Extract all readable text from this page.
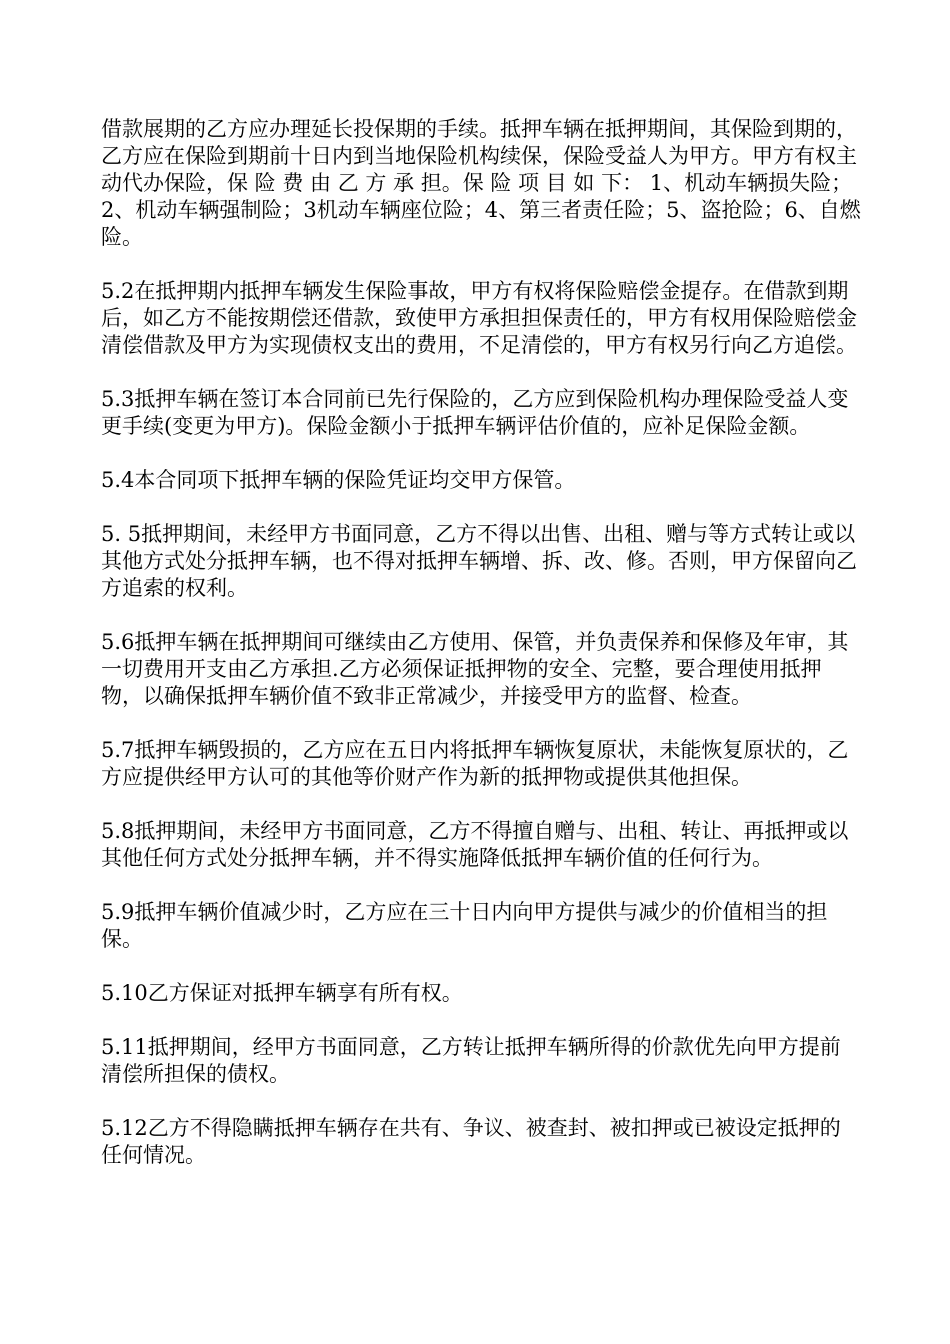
借款展期的乙方应办理延长投保期的手续。抵押车辆在抵押期间，其保险到期的，乙方应在保险到期前十日内到当地保险机构续保，保险受益人为甲方。甲方有权主动代办保险，保 险 费 由 乙 方 承 担。保 险 项 目 如 下： 1、机动车辆损失险；2、机动车辆强制险；3机动车辆座位险；4、第三者责任险；5、盗抢险；6、自燃险。

5.2在抵押期内抵押车辆发生保险事故，甲方有权将保险赔偿金提存。在借款到期后，如乙方不能按期偿还借款，致使甲方承担担保责任的，甲方有权用保险赔偿金清偿借款及甲方为实现债权支出的费用，不足清偿的，甲方有权另行向乙方追偿。

5.3抵押车辆在签订本合同前已先行保险的，乙方应到保险机构办理保险受益人变更手续(变更为甲方)。保险金额小于抵押车辆评估价值的，应补足保险金额。

5.4本合同项下抵押车辆的保险凭证均交甲方保管。

5. 5抵押期间，未经甲方书面同意，乙方不得以出售、出租、赠与等方式转让或以其他方式处分抵押车辆，也不得对抵押车辆增、拆、改、修。否则，甲方保留向乙方追索的权利。

5.6抵押车辆在抵押期间可继续由乙方使用、保管，并负责保养和保修及年审，其一切费用开支由乙方承担.乙方必须保证抵押物的安全、完整，要合理使用抵押物，以确保抵押车辆价值不致非正常减少，并接受甲方的监督、检查。

5.7抵押车辆毁损的，乙方应在五日内将抵押车辆恢复原状，未能恢复原状的，乙方应提供经甲方认可的其他等价财产作为新的抵押物或提供其他担保。

5.8抵押期间，未经甲方书面同意，乙方不得擅自赠与、出租、转让、再抵押或以其他任何方式处分抵押车辆，并不得实施降低抵押车辆价值的任何行为。

5.9抵押车辆价值减少时，乙方应在三十日内向甲方提供与减少的价值相当的担保。

5.10乙方保证对抵押车辆享有所有权。

5.11抵押期间，经甲方书面同意，乙方转让抵押车辆所得的价款优先向甲方提前清偿所担保的债权。

5.12乙方不得隐瞒抵押车辆存在共有、争议、被查封、被扣押或已被设定抵押的任何情况。
